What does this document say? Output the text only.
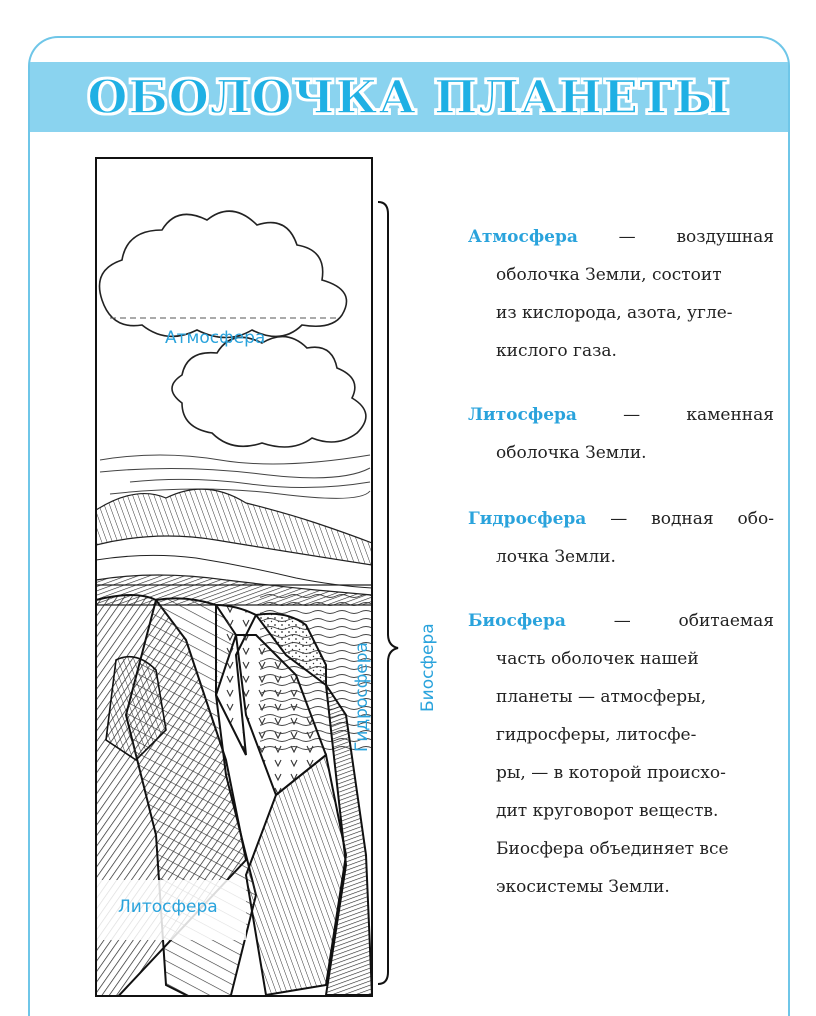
ОБОЛОЧКА ПЛАНЕТЫ
Атмосфера
Литосфера
Гидросфера	Биосфера
Атмосфера — воздушная
оболочка Земли, состоит
из кислорода, азота, угле-
кислого газа.
Литосфера — каменная
оболочка Земли.
Гидросфера — водная обо-
лочка Земли.
Биосфера — обитаемая
часть оболочек нашей
планеты — атмосферы,
гидросферы, литосфе-
ры, — в которой происхо-
дит круговорот веществ.
Биосфера объединяет все
экосистемы Земли.
